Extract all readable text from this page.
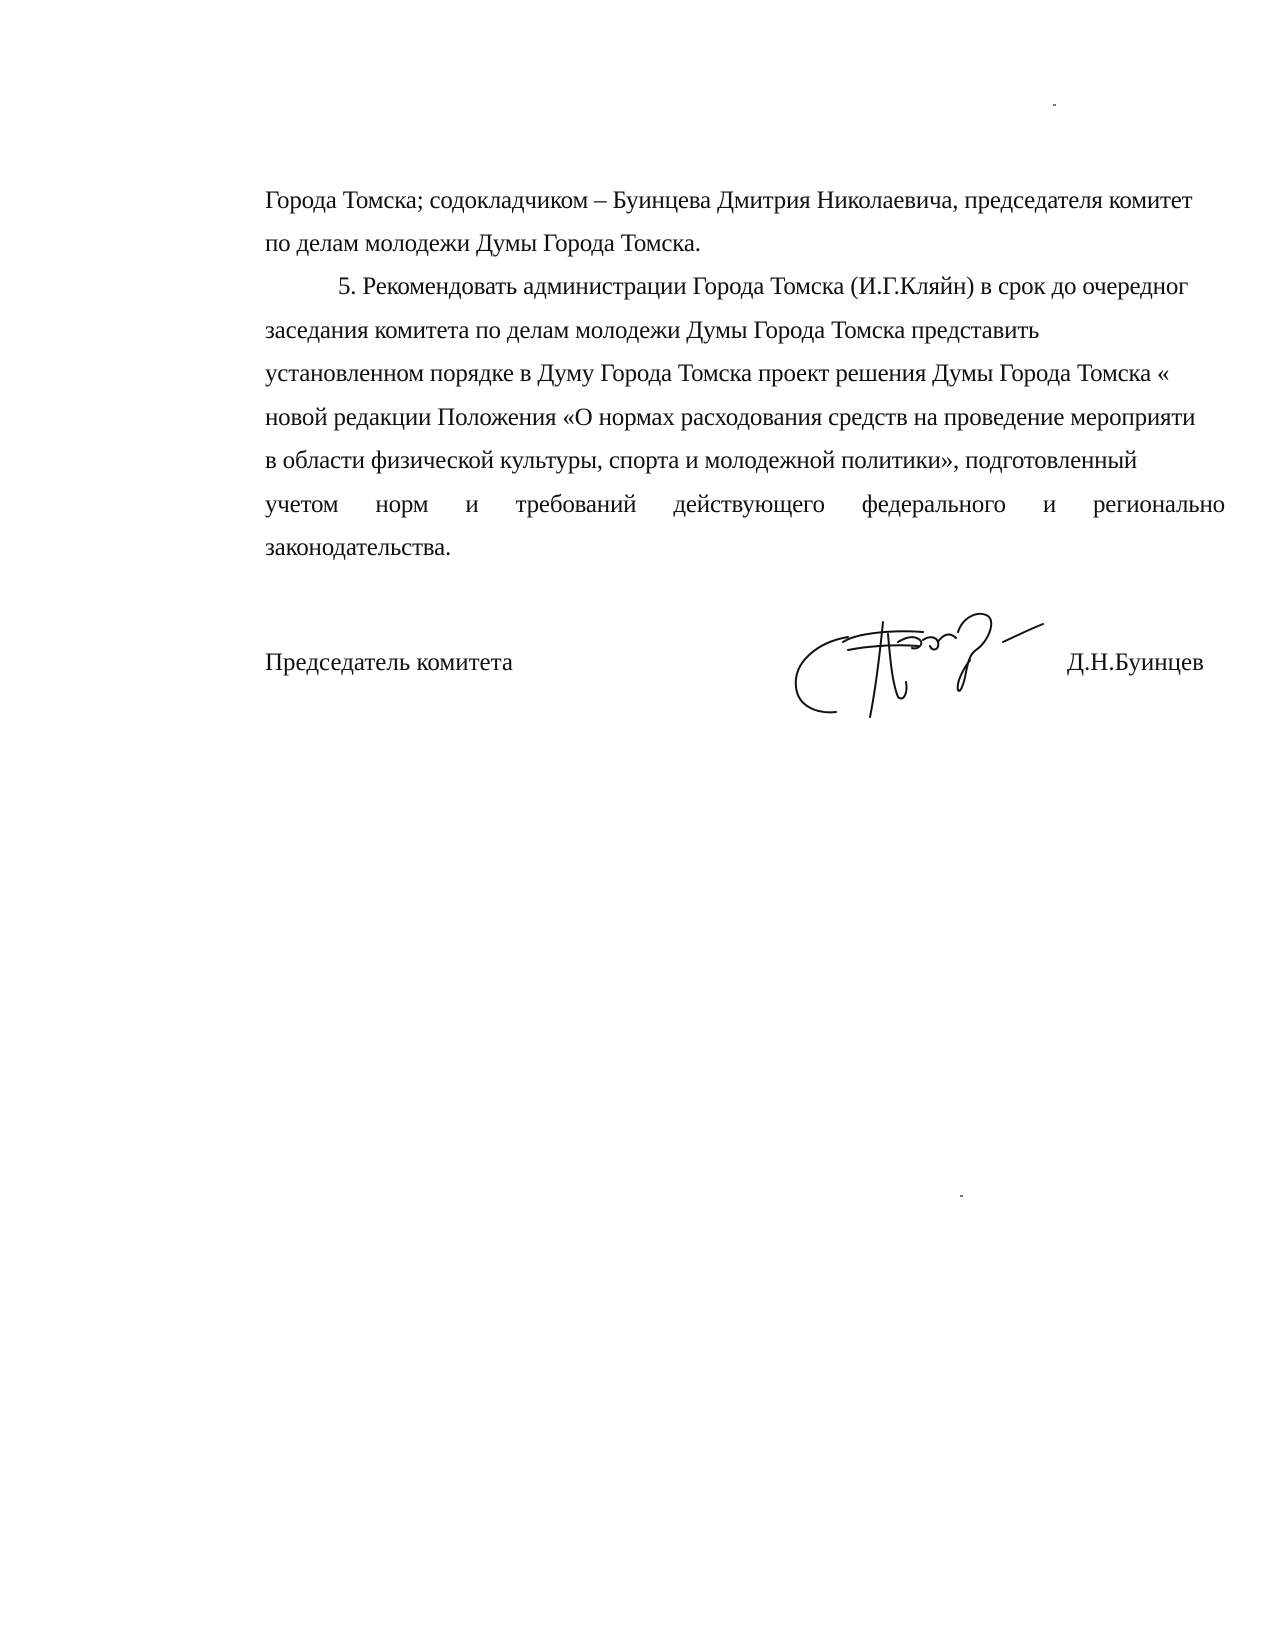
Города Томска; содокладчиком – Буинцева Дмитрия Николаевича, председателя комитет
по делам молодежи Думы Города Томска.
5. Рекомендовать администрации Города Томска (И.Г.Кляйн) в срок до очередног
заседания комитета по делам молодежи Думы Города Томска представить
установленном порядке в Думу Города Томска проект решения Думы Города Томска «
новой редакции Положения «О нормах расходования средств на проведение мероприяти
в области физической культуры, спорта и молодежной политики», подготовленный
учетом норм и требований действующего федерального и регионально
законодательства.
Председатель комитета	Д.Н.Буинцев
